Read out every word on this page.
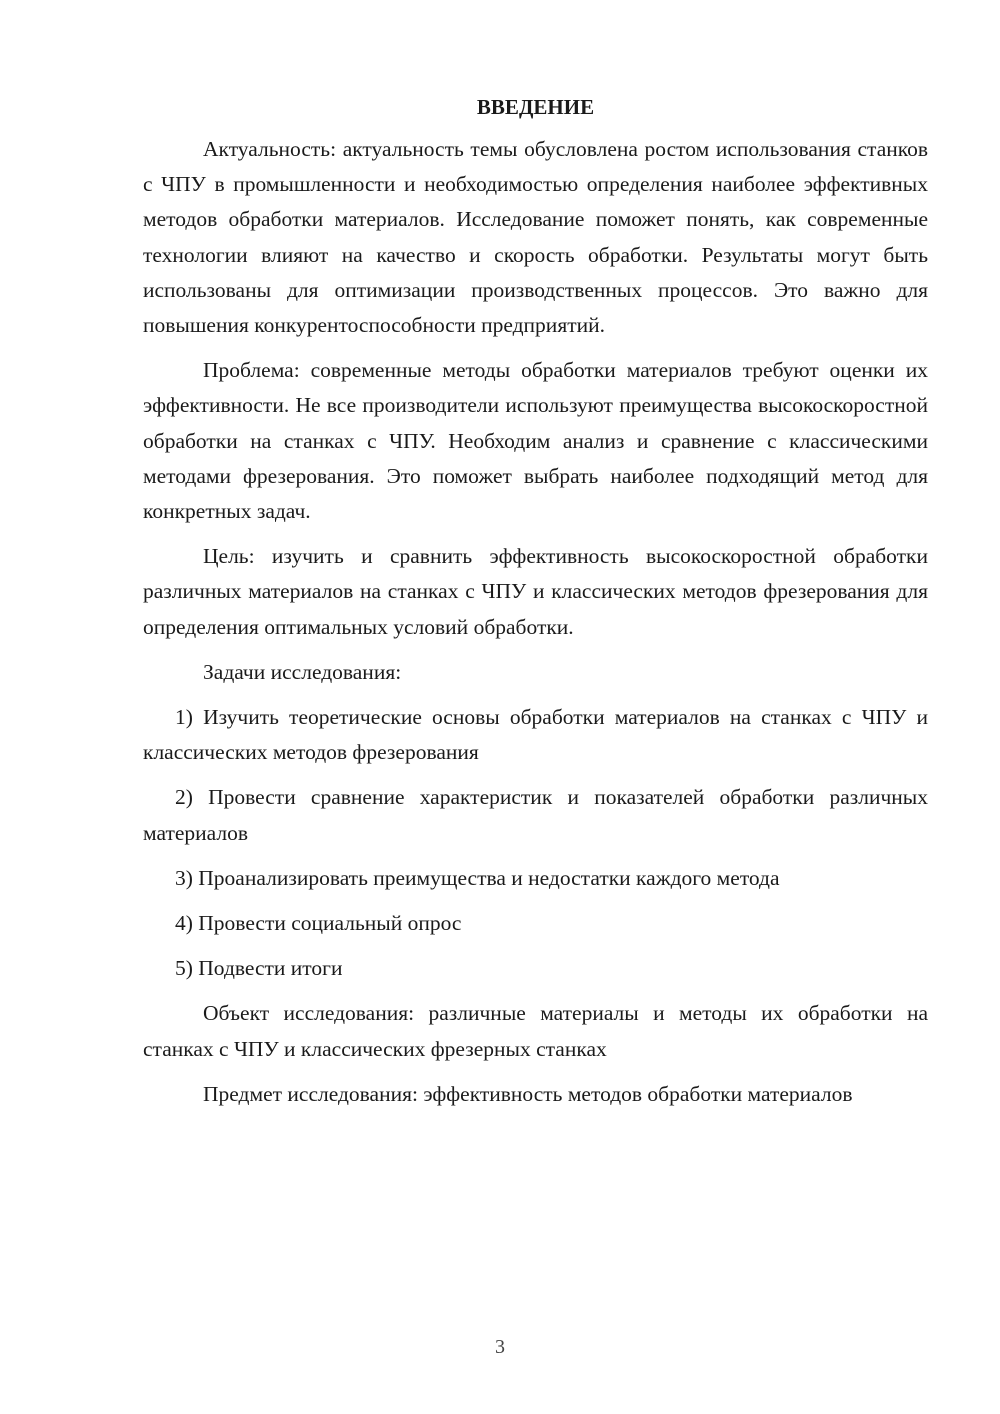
ВВЕДЕНИЕ

Актуальность: актуальность темы обусловлена ростом использования станков с ЧПУ в промышленности и необходимостью определения наиболее эффективных методов обработки материалов. Исследование поможет понять, как современные технологии влияют на качество и скорость обработки. Результаты могут быть использованы для оптимизации производственных процессов. Это важно для повышения конкурентоспособности предприятий.

Проблема: современные методы обработки материалов требуют оценки их эффективности. Не все производители используют преимущества высокоскоростной обработки на станках с ЧПУ. Необходим анализ и сравнение с классическими методами фрезерования. Это поможет выбрать наиболее подходящий метод для конкретных задач.

Цель: изучить и сравнить эффективность высокоскоростной обработки различных материалов на станках с ЧПУ и классических методов фрезерования для определения оптимальных условий обработки.

Задачи исследования:

1) Изучить теоретические основы обработки материалов на станках с ЧПУ и классических методов фрезерования

2) Провести сравнение характеристик и показателей обработки различных материалов

3) Проанализировать преимущества и недостатки каждого метода

4) Провести социальный опрос

5) Подвести итоги

Объект исследования: различные материалы и методы их обработки на станках с ЧПУ и классических фрезерных станках

Предмет исследования: эффективность методов обработки материалов

3
